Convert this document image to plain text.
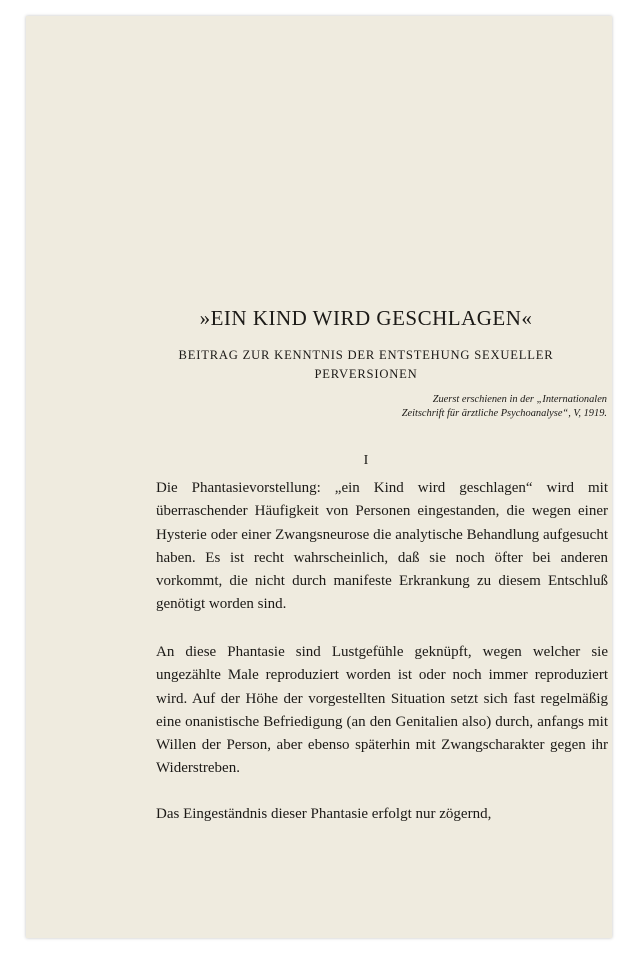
»EIN KIND WIRD GESCHLAGEN«
BEITRAG ZUR KENNTNIS DER ENTSTEHUNG SEXUELLER PERVERSIONEN
Zuerst erschienen in der „Internationalen Zeitschrift für ärztliche Psychoanalyse“, V, 1919.
I

Die Phantasievorstellung: „ein Kind wird geschlagen“ wird mit überraschender Häufigkeit von Personen eingestanden, die wegen einer Hysterie oder einer Zwangsneurose die analytische Behandlung aufgesucht haben. Es ist recht wahrscheinlich, daß sie noch öfter bei anderen vorkommt, die nicht durch manifeste Erkrankung zu diesem Entschluß genötigt worden sind.

An diese Phantasie sind Lustgefühle geknüpft, wegen welcher sie ungezählte Male reproduziert worden ist oder noch immer reproduziert wird. Auf der Höhe der vorgestellten Situation setzt sich fast regelmäßig eine onanistische Befriedigung (an den Genitalien also) durch, anfangs mit Willen der Person, aber ebenso späterhin mit Zwangscharakter gegen ihr Widerstreben.

Das Eingeständnis dieser Phantasie erfolgt nur zögernd,
